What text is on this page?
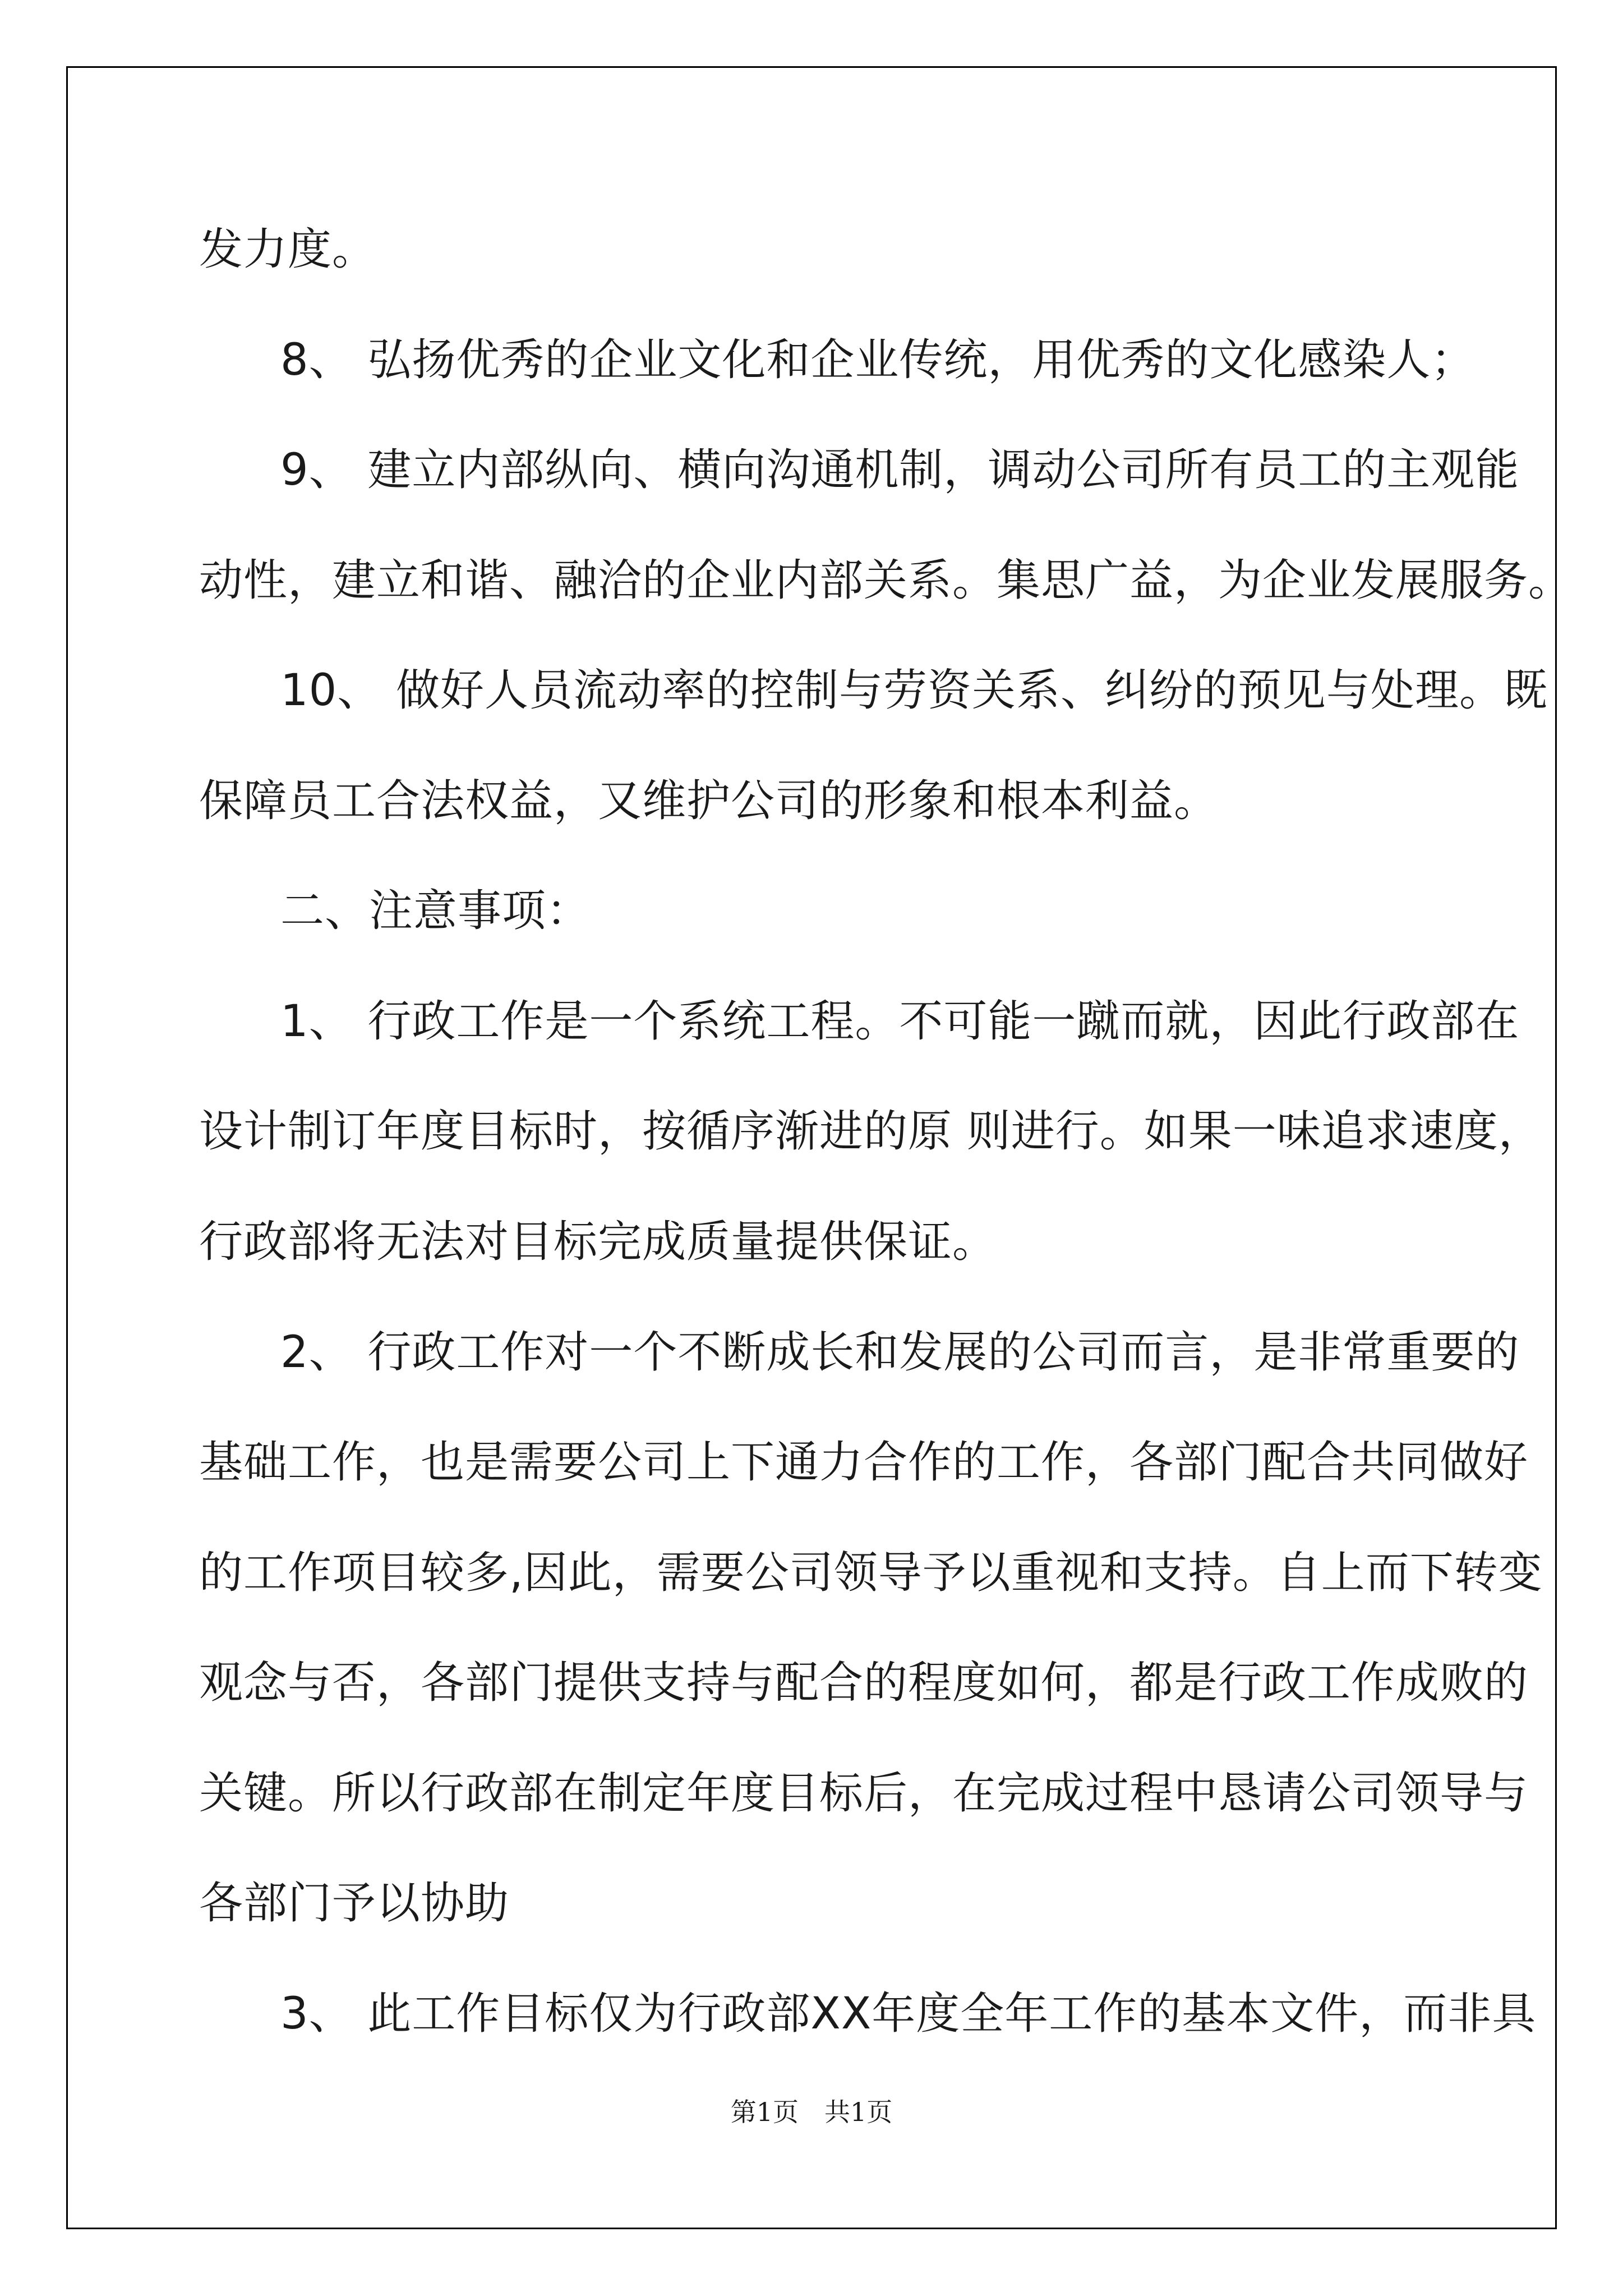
发力度。

8、 弘扬优秀的企业文化和企业传统，用优秀的文化感染人；

9、 建立内部纵向、横向沟通机制，调动公司所有员工的主观能

动性，建立和谐、融洽的企业内部关系。集思广益，为企业发展服务。

10、 做好人员流动率的控制与劳资关系、纠纷的预见与处理。既

保障员工合法权益，又维护公司的形象和根本利益。

二、注意事项：

1、 行政工作是一个系统工程。不可能一蹴而就，因此行政部在

设计制订年度目标时，按循序渐进的原 则进行。如果一味追求速度，

行政部将无法对目标完成质量提供保证。

2、 行政工作对一个不断成长和发展的公司而言，是非常重要的

基础工作，也是需要公司上下通力合作的工作，各部门配合共同做好

的工作项目较多,因此，需要公司领导予以重视和支持。自上而下转变

观念与否，各部门提供支持与配合的程度如何，都是行政工作成败的

关键。所以行政部在制定年度目标后，在完成过程中恳请公司领导与

各部门予以协助

3、 此工作目标仅为行政部XX年度全年工作的基本文件，而非具

第1页　共1页
